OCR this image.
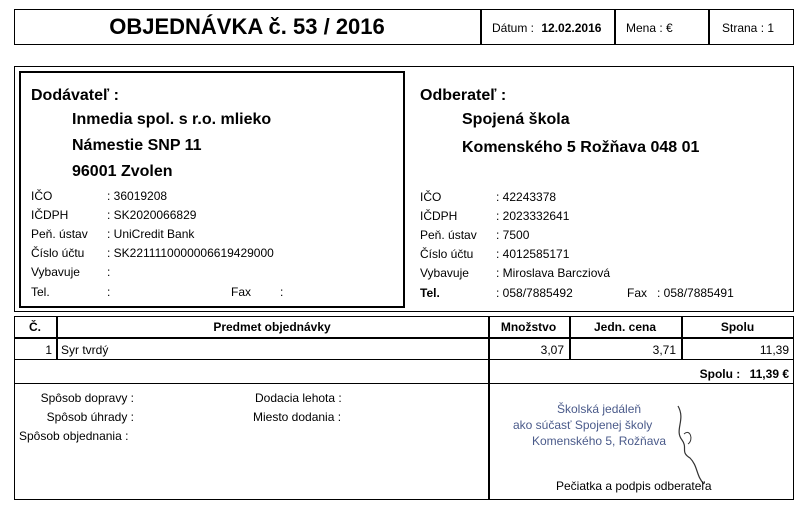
OBJEDNÁVKA č. 53 / 2016	Dátum : 12.02.2016 Mena : €	Strana : 1
Dodávateľ :
Inmedia spol. s r.o. mlieko
Námestie SNP 11
96001 Zvolen
IČO	: 36019208
IČDPH	: SK2020066829
Peň. ústav : UniCredit Bank
Číslo účtu : SK2211110000006619429000
Vybavuje :
Tel.	:	Fax :
Odberateľ :
Spojená škola
Komenského 5 Rožňava 048 01
IČO	: 42243378
IČDPH	: 2023332641
Peň. ústav : 7500
Číslo účtu : 4012585171
Vybavuje : Miroslava Barcziová
Tel.	: 058/7885492	Fax : 058/7885491
Č.	Predmet objednávky	Množstvo	Jedn. cena	Spolu
1 Syr tvrdý	3,07	3,71	11,39
Spolu : 11,39 €
Spôsob dopravy :
Spôsob úhrady :
Spôsob objednania :
Dodacia lehota :
Miesto dodania :
Školská jedáleň
ako súčasť Spojenej školy
Komenského 5, Rožňava
Pečiatka a podpis odberateľa
